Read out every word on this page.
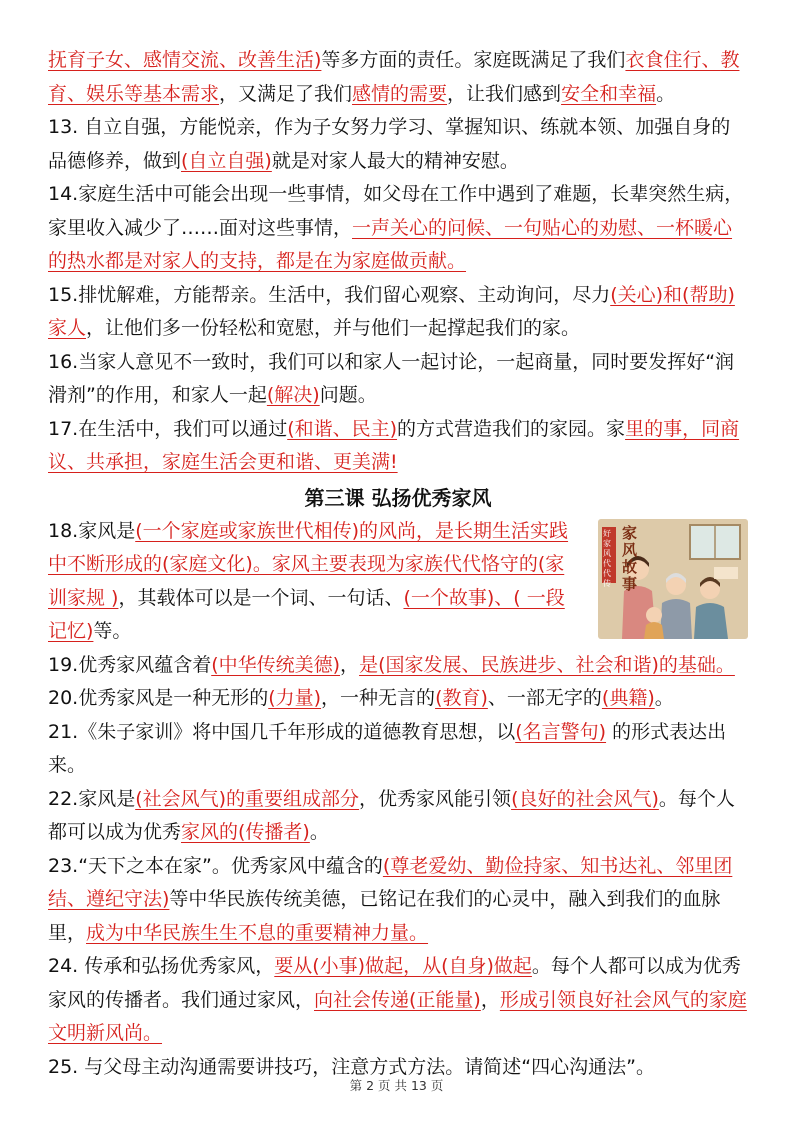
抚育子女、感情交流、改善生活)等多方面的责任。家庭既满足了我们衣食住行、教育、娱乐等基本需求，又满足了我们感情的需要，让我们感到安全和幸福。

13. 自立自强，方能悦亲，作为子女努力学习、掌握知识、练就本领、加强自身的品德修养，做到(自立自强)就是对家人最大的精神安慰。

14.家庭生活中可能会出现一些事情，如父母在工作中遇到了难题，长辈突然生病，家里收入减少了……面对这些事情，一声关心的问候、一句贴心的劝慰、一杯暖心的热水都是对家人的支持，都是在为家庭做贡献。

15.排忧解难，方能帮亲。生活中，我们留心观察、主动询问，尽力(关心)和(帮助)家人，让他们多一份轻松和宽慰，并与他们一起撑起我们的家。

16.当家人意见不一致时，我们可以和家人一起讨论，一起商量，同时要发挥好“润滑剂”的作用，和家人一起(解决)问题。

17.在生活中，我们可以通过(和谐、民主)的方式营造我们的家园。家里的事，同商议、共承担，家庭生活会更和谐、更美满!

第三课 弘扬优秀家风
家风故事
好家风代代传

18.家风是(一个家庭或家族世代相传)的风尚，是长期生活实践中不断形成的(家庭文化)。家风主要表现为家族代代恪守的(家训家规 )，其载体可以是一个词、一句话、(一个故事)、( 一段记忆)等。

19.优秀家风蕴含着(中华传统美德)，是(国家发展、民族进步、社会和谐)的基础。

20.优秀家风是一种无形的(力量)，一种无言的(教育)、一部无字的(典籍)。

21.《朱子家训》将中国几千年形成的道德教育思想，以(名言警句) 的形式表达出来。

22.家风是(社会风气)的重要组成部分，优秀家风能引领(良好的社会风气)。每个人都可以成为优秀家风的(传播者)。

23.“天下之本在家”。优秀家风中蕴含的(尊老爱幼、勤俭持家、知书达礼、邻里团结、遵纪守法)等中华民族传统美德，已铭记在我们的心灵中，融入到我们的血脉里，成为中华民族生生不息的重要精神力量。

24. 传承和弘扬优秀家风，要从(小事)做起，从(自身)做起。每个人都可以成为优秀家风的传播者。我们通过家风，向社会传递(正能量)，形成引领良好社会风气的家庭文明新风尚。

25. 与父母主动沟通需要讲技巧，注意方式方法。请简述“四心沟通法”。

第 2 页 共 13 页
